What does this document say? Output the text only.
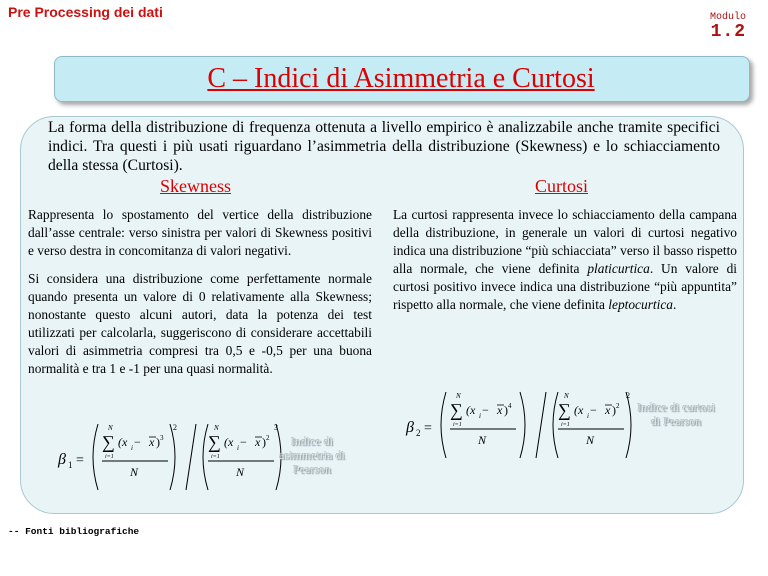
Pre Processing dei dati	Modulo
1.2
C – Indici di Asimmetria e Curtosi
La forma della distribuzione di frequenza ottenuta a livello empirico è analizzabile anche tramite specifici indici. Tra questi i più usati riguardano l’asimmetria della distribuzione (Skewness) e lo schiacciamento della stessa (Curtosi).
Skewness	Curtosi

Rappresenta lo spostamento del vertice della distribuzione dall’asse centrale: verso sinistra per valori di Skewness positivi e verso destra in concomitanza di valori negativi.

Si considera una distribuzione come perfettamente normale quando presenta un valore di 0 relativamente alla Skewness; nonostante questo alcuni autori, data la potenza dei test utilizzati per calcolarla, suggeriscono di considerare accettabili valori di asimmetria compresi tra 0,5 e -0,5 per una buona normalità e tra 1 e -1 per una quasi normalità.

La curtosi rappresenta invece lo schiacciamento della campana della distribuzione, in generale un valori di curtosi negativo indica una distribuzione “più schiacciata” verso il basso rispetto alla normale, che viene definita platicurtica. Un valore di curtosi positivo invece indica una distribuzione “più appuntita” rispetto alla normale, che viene definita leptocurtica.

β 1 =
2
N
∑
i=1
(x i − x ) 3
N
3
N
∑
i=1
(x i − x ) 2
N
β 2 =
N
∑
i=1
(x i − x ) 4
N
2
N
∑
i=1
(x i − x ) 2
N
Indice di asimmetria di Pearson
Indice di curtosi di Pearson
-- Fonti bibliografiche
